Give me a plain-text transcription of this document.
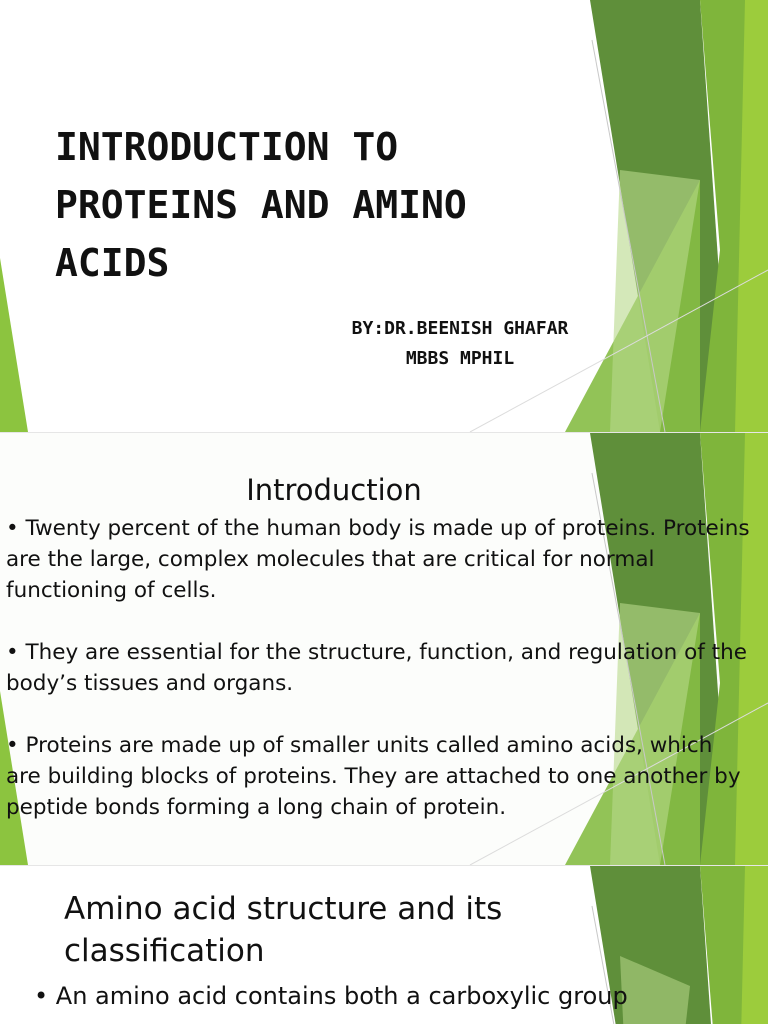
INTRODUCTION TO PROTEINS AND AMINO ACIDS
BY:DR.BEENISH GHAFAR
MBBS MPHIL
Introduction

• Twenty percent of the human body is made up of proteins. Proteins are the large, complex molecules that are critical for normal functioning of cells.

• They are essential for the structure, function, and regulation of the body’s tissues and organs.

• Proteins are made up of smaller units called amino acids, which are building blocks of proteins. They are attached to one another by peptide bonds forming a long chain of protein.

Amino acid structure and its classification

• An amino acid contains both a carboxylic group
